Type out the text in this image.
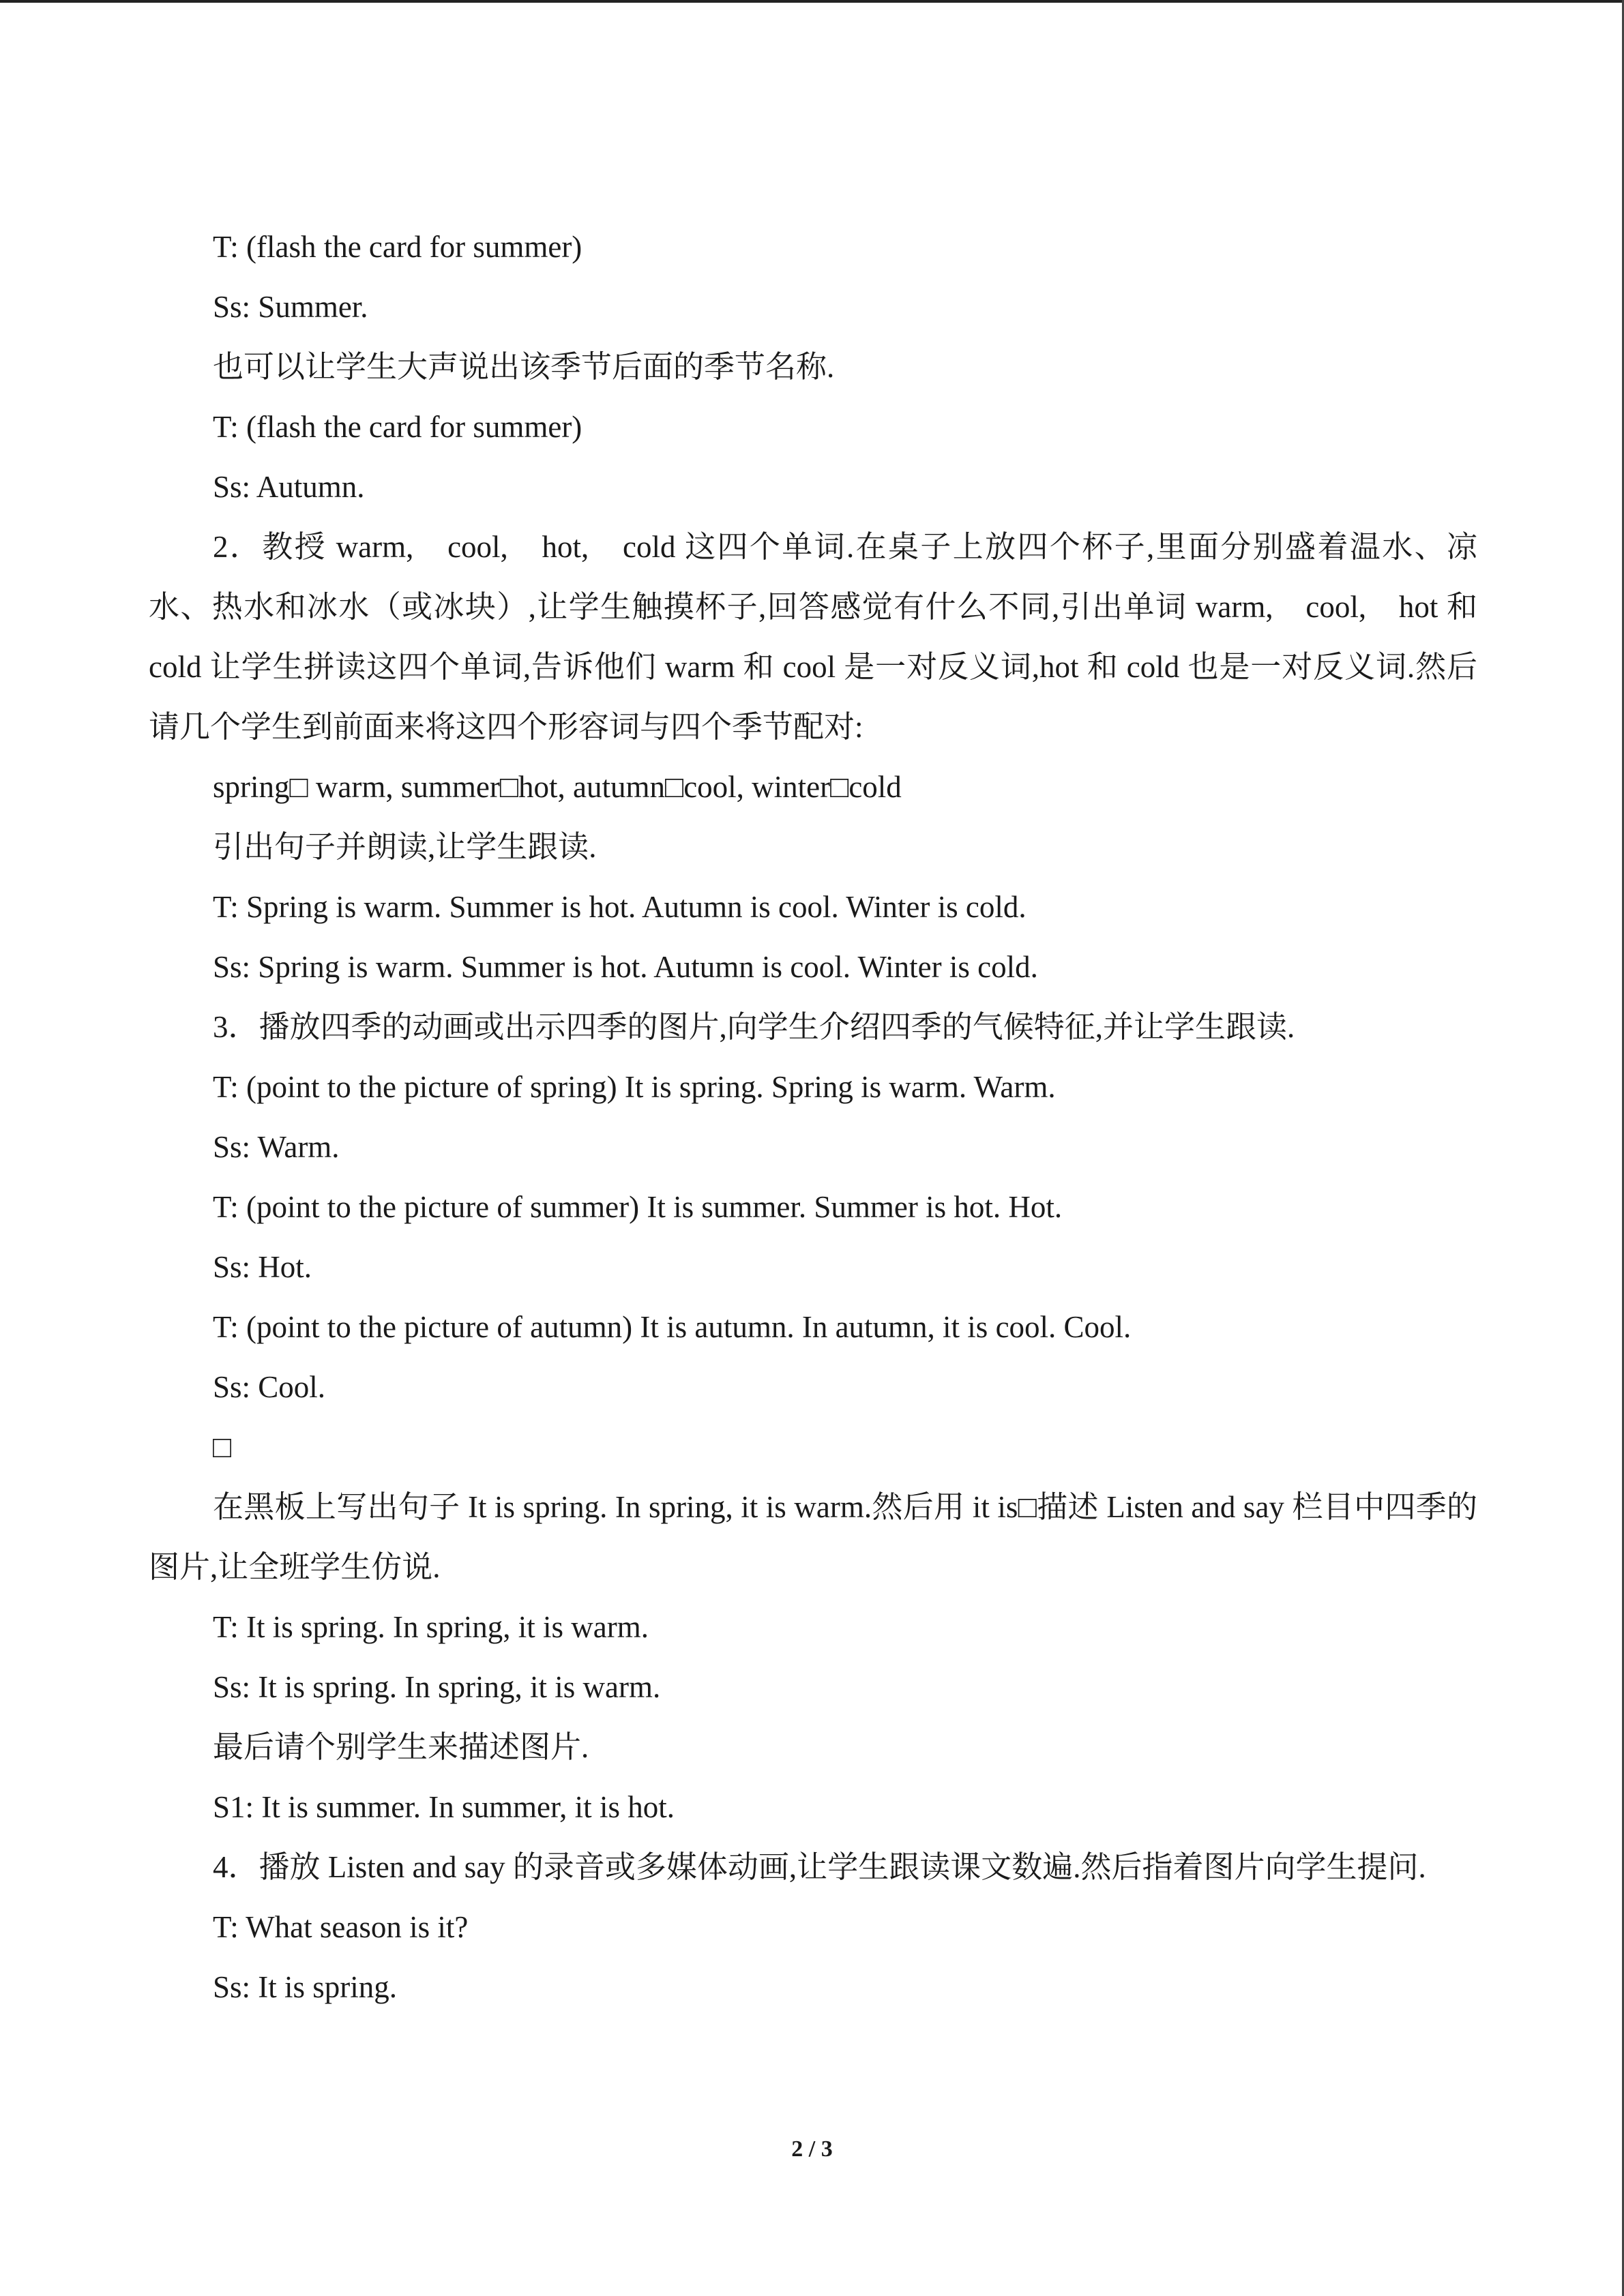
T: (flash the card for summer)

Ss: Summer.

也可以让学生大声说出该季节后面的季节名称.

T: (flash the card for summer)

Ss: Autumn.

2．教授 warm,　cool,　hot,　cold 这四个单词.在桌子上放四个杯子,里面分别盛着温水、凉水、热水和冰水（或冰块）,让学生触摸杯子,回答感觉有什么不同,引出单词 warm,　cool,　hot 和 cold 让学生拼读这四个单词,告诉他们 warm 和 cool 是一对反义词,hot 和 cold 也是一对反义词.然后请几个学生到前面来将这四个形容词与四个季节配对:

spring□ warm, summer□hot, autumn□cool, winter□cold

引出句子并朗读,让学生跟读.

T: Spring is warm. Summer is hot. Autumn is cool. Winter is cold.

Ss: Spring is warm. Summer is hot. Autumn is cool. Winter is cold.

3．播放四季的动画或出示四季的图片,向学生介绍四季的气候特征,并让学生跟读.

T: (point to the picture of spring) It is spring. Spring is warm. Warm.

Ss: Warm.

T: (point to the picture of summer) It is summer. Summer is hot. Hot.

Ss: Hot.

T: (point to the picture of autumn) It is autumn. In autumn, it is cool. Cool.

Ss: Cool.

□

在黑板上写出句子 It is spring. In spring, it is warm.然后用 it is□描述 Listen and say 栏目中四季的图片,让全班学生仿说.

T: It is spring. In spring, it is warm.

Ss: It is spring. In spring, it is warm.

最后请个别学生来描述图片.

S1: It is summer. In summer, it is hot.

4．播放 Listen and say 的录音或多媒体动画,让学生跟读课文数遍.然后指着图片向学生提问.

T: What season is it?

Ss: It is spring.

2 / 3
